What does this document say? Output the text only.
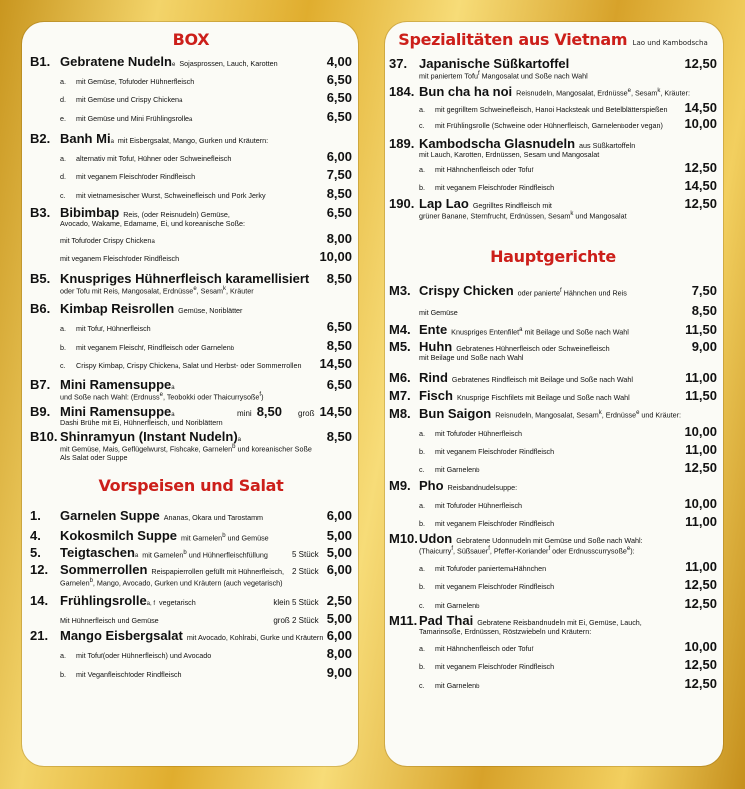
BOX
B1. Gebratene Nudeln$_e$ Sojasprossen, Lauch, Karotten	4,00
a.	mit Gemüse, Tofu f oder Hühnerfleisch	6,50
d.	mit Gemüse und Crispy Chicken a	6,50
e.	mit Gemüse und Mini Frühlingsrolle a	6,50
B2. Banh $Mi_a$ mit Eisbergsalat, Mango, Gurken und Kräutern:
a.	alternativ mit Tofu f , Hühner oder Schweinefleisch	6,00
d.	mit veganem Fleisch f oder Rindfleisch	7,50
c.	mit vietnamesischer Wurst, Schweinefleisch und Pork Jerky	8,50
B3. Bibimbap Reis, (oder Reisnudeln) Gemüse,	6,50
Avocado, Wakame, Edamame, Ei, und koreanische Soße:
mit Tofu f oder Crispy Chicken a	8,00
mit veganem Fleisch f oder Rindfleisch	10,00
B5. Knuspriges Hühnerfleisch karamellisiert 8,50
oder Tofu mit Reis, Mangosalat, Erdnüsse$^e$, Sesam$^k$, Kräuter
B6. Kimbap Reisrollen Gemüse, Noriblätter
a.	mit Tofu f , Hühnerfleisch	6,50
b.	mit veganem Fleisch f , Rindfleisch oder Garnelen b	8,50
c.	Crispy Kimbap, Crispy Chicken a , Salat und Herbst- oder Sommerrollen 14,50
B7. Mini Ramensuppe$_a$	6,50
und Soße nach Wahl: (Erdnuss$^e$, Teobokki oder Thaicurrysoße$^f$)
B9. Mini Ramensuppe$_a$	mini 8,50 groß 14,50
Dashi Brühe mit Ei, Hühnerfleisch, und Noriblättern
B10. Shinramyun (Instant $Nudeln)_a$	8,50
mit Gemüse, Mais, Geflügelwurst, Fishcake, Garnelen$^b$ und koreanischer Soße
Als Salat oder Suppe
Vorspeisen und Salat
1.	Garnelen Suppe Ananas, Okara und Tarostamm	6,00
4.	Kokosmilch Suppe mit Garnelen$^b$ und Gemüse	5,00
5.	Teigtaschen$_a$ mit Garnelen$^b$ und Hühnerfleischfüllung	5 Stück 5,00
12. Sommerrollen Reispapierrollen gefüllt mit Hühnerfleisch, 2 Stück 6,00
Garnelen$^b$, Mango, Avocado, Gurken und Kräutern (auch vegetarisch)
14. Frühlingsrolle$_{a, f}$ vegetarisch	klein 5 Stück 2,50
Mit Hühnerfleisch und Gemüse	groß 2 Stück 5,00
21. Mango Eisbergsalat mit Avocado, Kohlrabi, Gurke und Kräutern 6,00
a.	mit Tofu f (oder Hühnerfleisch) und Avocado	8,00
b.	mit Veganfleisch f oder Rindfleisch	9,00
Spezialitäten aus Vietnam Lao und Kambodscha
37. Japanische Süßkartoffel	12,50
mit paniertem Tofu$^f$ Mangosalat und Soße nach Wahl
184. Bun cha ha noi Reisnudeln, Mangosalat, Erdnüsse$^e$, Sesam$^k$, Kräuter:
a.	mit gegrilltem Schweinefleisch, Hanoi Hacksteak und Betelblätterspießen 14,50
c.	mit Frühlingsrolle (Schweine oder Hühnerfleisch, Garnelen b oder vegan) 10,00
189. Kambodscha Glasnudeln aus Süßkartoffeln
mit Lauch, Karotten, Erdnüssen, Sesam und Mangosalat
a.	mit Hähnchenfleisch oder Tofu f	12,50
b.	mit veganem Fleisch f oder Rindfleisch	14,50
190. Lap Lao Gegrilltes Rindfleisch mit	12,50
grüner Banane, Sternfrucht, Erdnüssen, Sesam$^k$ und Mangosalat
Hauptgerichte
M3. Crispy Chicken oder panierte$^f$ Hähnchen und Reis	7,50
mit Gemüse	8,50
M4. Ente Knuspriges Entenfilet$^a$ mit Beilage und Soße nach Wahl	11,50
M5. Huhn Gebratenes Hühnerfleisch oder Schweinefleisch	9,00
mit Beilage und Soße nach Wahl
M6. Rind Gebratenes Rindfleisch mit Beilage und Soße nach Wahl	11,00
M7. Fisch Knusprige Fischfilets mit Beilage und Soße nach Wahl	11,50
M8. Bun Saigon Reisnudeln, Mangosalat, Sesam$^k$, Erdnüsse$^e$ und Kräuter:
a.	mit Tofu f oder Hühnerfleisch	10,00
b.	mit veganem Fleisch f oder Rindfleisch	11,00
c.	mit Garnelen b	12,50
M9. Pho Reisbandnudelsuppe:
a.	mit Tofu f oder Hühnerfleisch	10,00
b.	mit veganem Fleisch f oder Rindfleisch	11,00
M10. Udon Gebratene Udonnudeln mit Gemüse und Soße nach Wahl:
(Thaicurry$^f$, Süßsauer$^f$, Pfeffer-Koriander$^f$ oder Erdnusscurrysoße$^e$):
a.	mit Tofu f oder paniertem a Hähnchen	11,00
b.	mit veganem Fleisch f oder Rindfleisch	12,50
c.	mit Garnelen b	12,50
M11. Pad Thai Gebratene Reisbandnudeln mit Ei, Gemüse, Lauch,
Tamarinsoße, Erdnüssen, Röstzwiebeln und Kräutern:
a.	mit Hähnchenfleisch oder Tofu f	10,00
b.	mit veganem Fleisch f oder Rindfleisch	12,50
c.	mit Garnelen b	12,50
